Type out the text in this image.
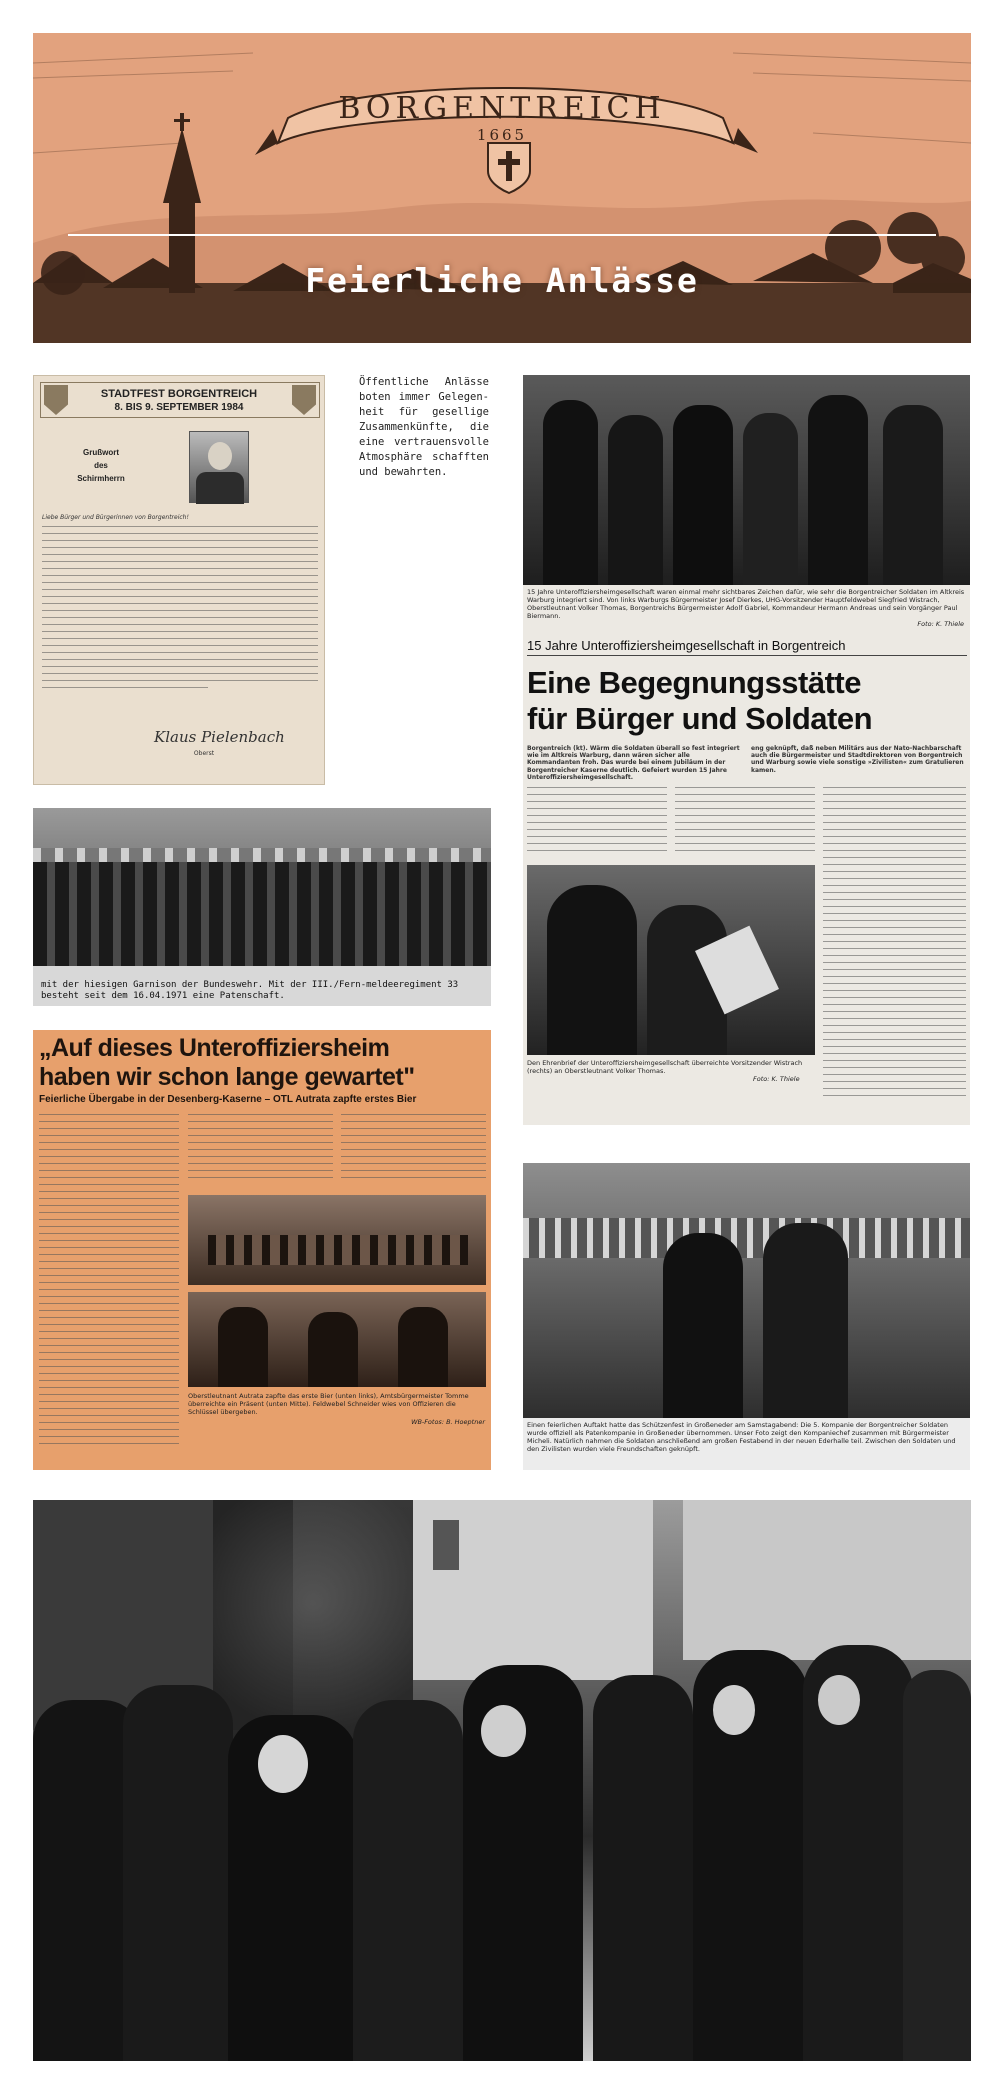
BORGENTREICH
1665
Feierliche Anlässe
STADTFEST BORGENTREICH
8. BIS 9. SEPTEMBER 1984
Grußwort
des
Schirmherrn
Liebe Bürger und Bürgerinnen von Borgentreich!
Klaus Pielenbach
Oberst
Öffentliche Anlässe boten immer Gelegen-heit für gesellige Zusammenkünfte, die eine vertrauensvolle Atmosphäre schafften und bewahrten.
15 Jahre Unteroffiziersheimgesellschaft waren einmal mehr sichtbares Zeichen dafür, wie sehr die Borgentreicher Soldaten im Altkreis Warburg integriert sind. Von links Warburgs Bürgermeister Josef Dierkes, UHG-Vorsitzender Hauptfeldwebel Siegfried Wistrach, Oberstleutnant Volker Thomas, Borgentreichs Bürgermeister Adolf Gabriel, Kommandeur Hermann Andreas und sein Vorgänger Paul Biermann.
Foto: K. Thiele
15 Jahre Unteroffiziersheimgesellschaft in Borgentreich
Eine Begegnungsstätte
für Bürger und Soldaten
Borgentreich (kt). Wärm die Soldaten überall so fest integriert wie im Altkreis Warburg, dann wären sicher alle Kommandanten froh. Das wurde bei einem Jubiläum in der Borgentreicher Kaserne deutlich. Gefeiert wurden 15 Jahre Unteroffiziersheimgesellschaft.
eng geknüpft, daß neben Militärs aus der Nato-Nachbarschaft auch die Bürgermeister und Stadtdirektoren von Borgentreich und Warburg sowie viele sonstige »Zivilisten« zum Gratulieren kamen.
Den Ehrenbrief der Unteroffiziersheimgesellschaft überreichte Vorsitzender Wistrach (rechts) an Oberstleutnant Volker Thomas.
Foto: K. Thiele
mit der hiesigen Garnison der Bundeswehr. Mit der III./Fern-meldeeregiment 33 besteht seit dem 16.04.1971 eine Patenschaft.
„Auf dieses Unteroffiziersheim
haben wir schon lange gewartet"
Feierliche Übergabe in der Desenberg-Kaserne – OTL Autrata zapfte erstes Bier
Oberstleutnant Autrata zapfte das erste Bier (unten links), Amtsbürgermeister Tomme überreichte ein Präsent (unten Mitte). Feldwebel Schneider wies von Offizieren die Schlüssel übergeben.
WB-Fotos: B. Hoeptner	Einen feierlichen Auftakt hatte das Schützenfest in Großeneder am Samstagabend: Die 5. Kompanie der Borgentreicher Soldaten wurde offiziell als Patenkompanie in Großeneder übernommen. Unser Foto zeigt den Kompaniechef zusammen mit Bürgermeister Micheli. Natürlich nahmen die Soldaten anschließend am großen Festabend in der neuen Ederhalle teil. Zwischen den Soldaten und den Zivilisten wurden viele Freundschaften geknüpft.
